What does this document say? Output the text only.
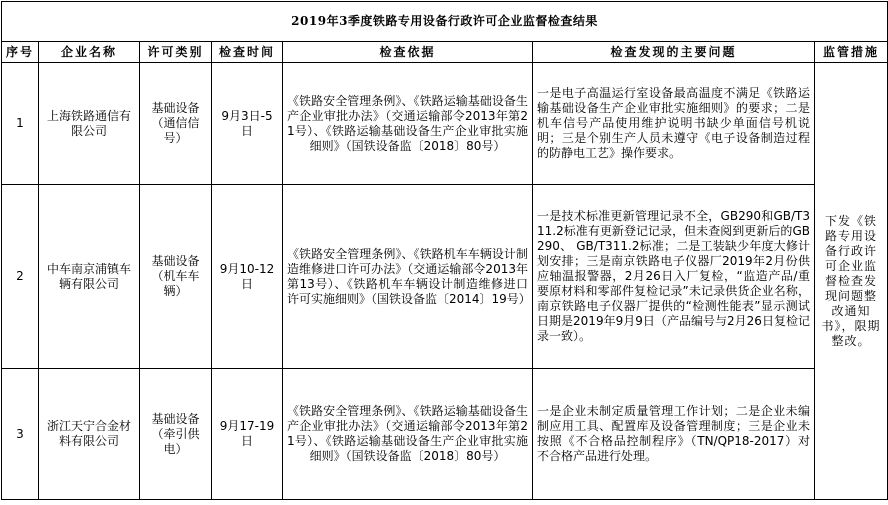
2019年3季度铁路专用设备行政许可企业监督检查结果						
序号	企业名称	许可类别	检查时间	检查依据	检查发现的主要问题	监管措施
1	上海铁路通信有限公司	基础设备（通信信号）	9月3日-5日	《铁路安全管理条例》、《铁路运输基础设备生产企业审批办法》（交通运输部令2013年第21号）、《铁路运输基础设备生产企业审批实施细则》（国铁设备监〔2018〕80号）	一是电子高温运行室设备最高温度不满足《铁路运输基础设备生产企业审批实施细则》的要求；二是机车信号产品使用维护说明书缺少单面信号机说明；三是个别生产人员未遵守《电子设备制造过程的防静电工艺》操作要求。	下发《铁路专用设备行政许可企业监督检查发现问题整改通知书》，限期整改。
2	中车南京浦镇车辆有限公司	基础设备（机车车辆）	9月10-12日	《铁路安全管理条例》、《铁路机车车辆设计制造维修进口许可办法》（交通运输部令2013年第13号）、《铁路机车车辆设计制造维修进口许可实施细则》（国铁设备监〔2014〕19号）	一是技术标准更新管理记录不全，GB290和GB/T311.2标准有更新登记记录，但未查阅到更新后的GB290、 GB/T311.2标准；二是工装缺少年度大修计划安排；三是南京铁路电子仪器厂2019年2月份供应轴温报警器，2月26日入厂复检，“监造产品/重要原材料和零部件复检记录”未记录供货企业名称，南京铁路电子仪器厂提供的“检测性能表”显示测试日期是2019年9月9日（产品编号与2月26日复检记录一致）。	
3	浙江天宁合金材料有限公司	基础设备（牵引供电）	9月17-19日	《铁路安全管理条例》、《铁路运输基础设备生产企业审批办法》（交通运输部令2013年第21号）、《铁路运输基础设备生产企业审批实施细则》（国铁设备监〔2018〕80号）	一是企业未制定质量管理工作计划；二是企业未编制应用工具、配置库及设备管理制度；三是企业未按照《不合格品控制程序》（TN/QP18-2017）对不合格产品进行处理。	
